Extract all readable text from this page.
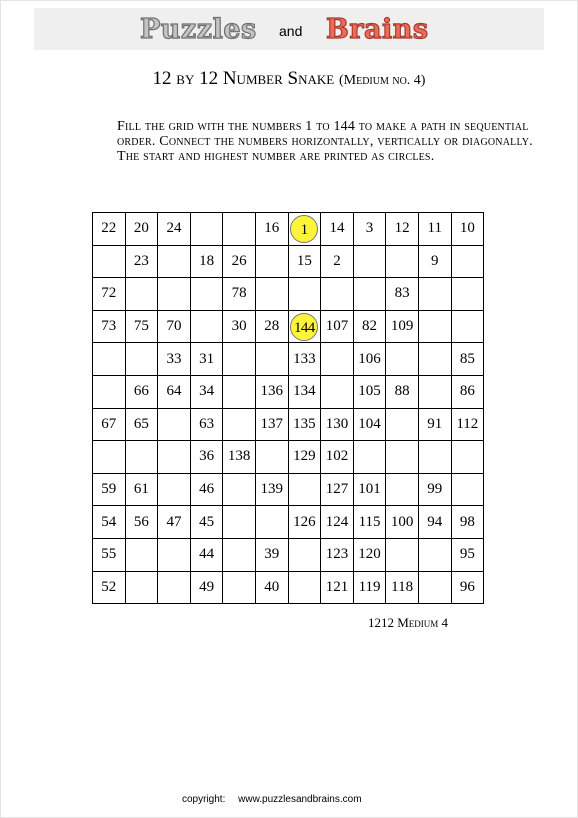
Puzzles and Brains
12 by 12 Number Snake (Medium no. 4)
Fill the grid with the numbers 1 to 144 to make a path in sequential
order. Connect the numbers horizontally, vertically or diagonally.
The start and highest number are printed as circles.
22	20	24			16	1	14	3	12	11	10
	23		18	26		15	2			9	
72				78					83		
73	75	70		30	28	144	107	82	109		
		33	31			133		106			85
	66	64	34		136	134		105	88		86
67	65		63		137	135	130	104		91	112
			36	138		129	102				
59	61		46		139		127	101		99	
54	56	47	45			126	124	115	100	94	98
55			44		39		123	120			95
52			49		40		121	119	118		96
1212 Medium 4
copyright: www.puzzlesandbrains.com
